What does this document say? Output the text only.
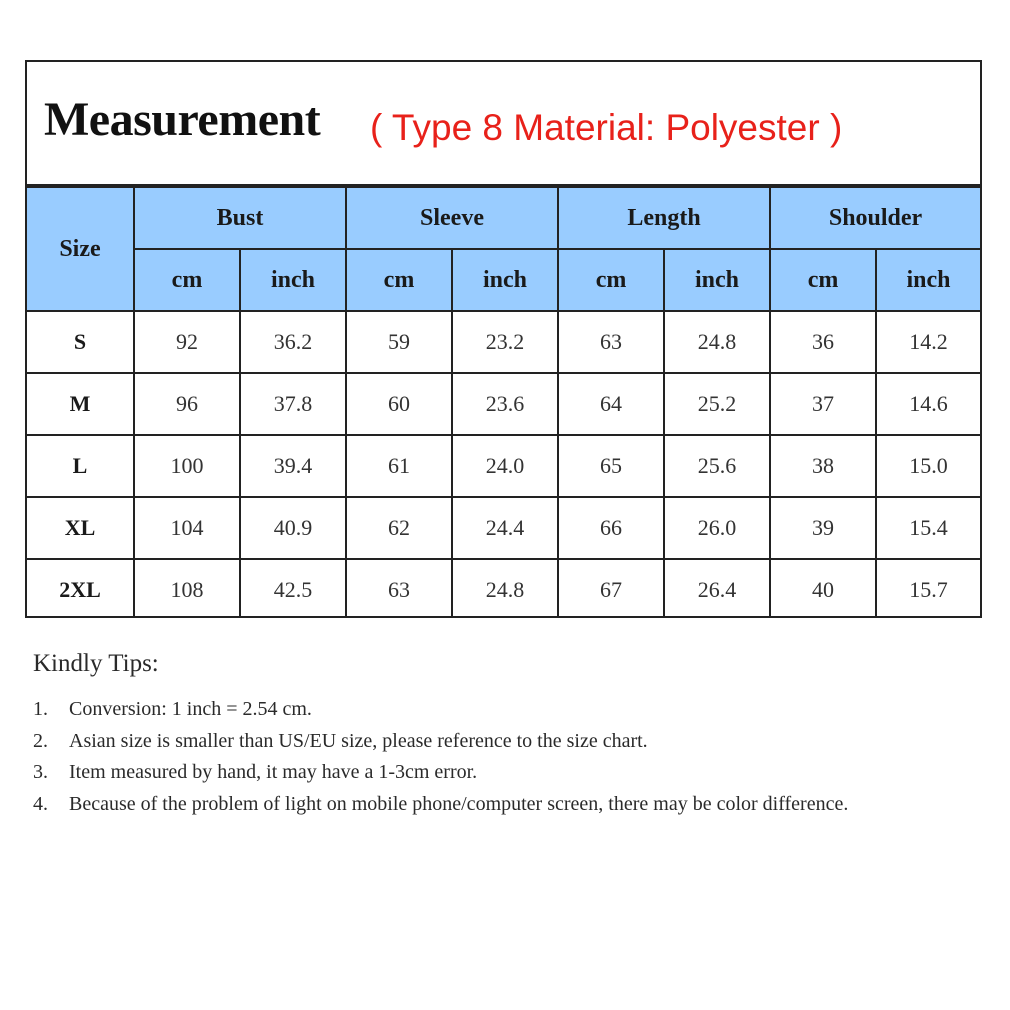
Measurement ( Type 8 Material: Polyester )
Size	Bust		Sleeve		Length		Shoulder	
	cm	inch	cm	inch	cm	inch	cm	inch
S	92	36.2	59	23.2	63	24.8	36	14.2
M	96	37.8	60	23.6	64	25.2	37	14.6
L	100	39.4	61	24.0	65	25.6	38	15.0
XL	104	40.9	62	24.4	66	26.0	39	15.4
2XL	108	42.5	63	24.8	67	26.4	40	15.7
Kindly Tips:
1.	Conversion: 1 inch = 2.54 cm.
2.	Asian size is smaller than US/EU size, please reference to the size chart.
3.	Item measured by hand, it may have a 1-3cm error.
4.	Because of the problem of light on mobile phone/computer screen, there may be color difference.
